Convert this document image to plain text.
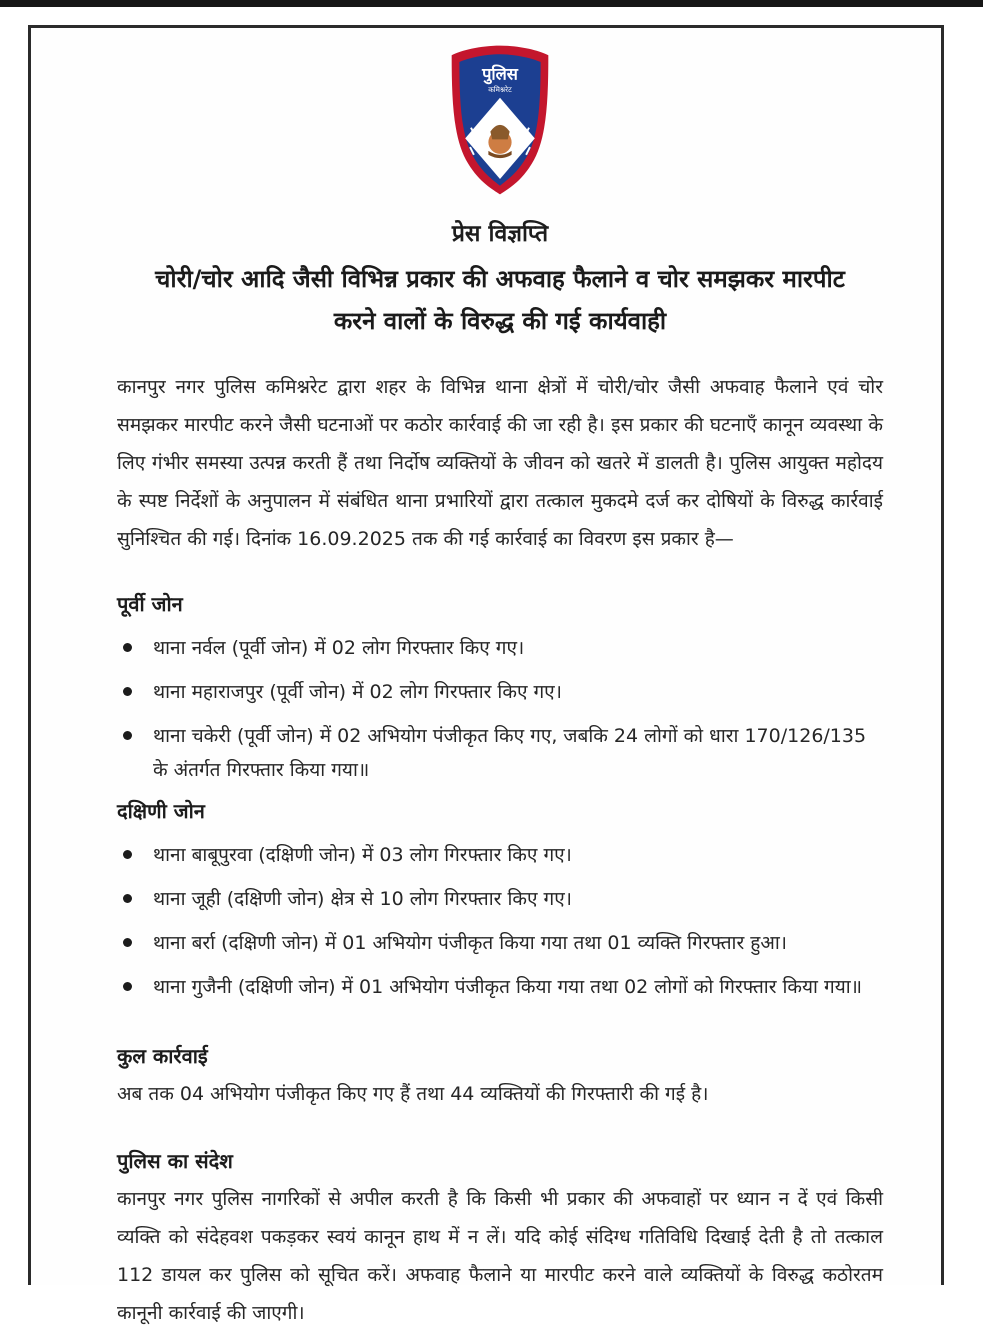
पुलिस
कमिश्नरेट
प्रेस विज्ञप्ति
चोरी/चोर आदि जैसी विभिन्न प्रकार की अफवाह फैलाने व चोर समझकर मारपीट
करने वालों के विरुद्ध की गई कार्यवाही

कानपुर नगर पुलिस कमिश्नरेट द्वारा शहर के विभिन्न थाना क्षेत्रों में चोरी/चोर जैसी अफवाह फैलाने एवं चोर समझकर मारपीट करने जैसी घटनाओं पर कठोर कार्रवाई की जा रही है। इस प्रकार की घटनाएँ कानून व्यवस्था के लिए गंभीर समस्या उत्पन्न करती हैं तथा निर्दोष व्यक्तियों के जीवन को खतरे में डालती है। पुलिस आयुक्त महोदय के स्पष्ट निर्देशों के अनुपालन में संबंधित थाना प्रभारियों द्वारा तत्काल मुकदमे दर्ज कर दोषियों के विरुद्ध कार्रवाई सुनिश्चित की गई। दिनांक 16.09.2025 तक की गई कार्रवाई का विवरण इस प्रकार है—

पूर्वी जोन
थाना नर्वल (पूर्वी जोन) में 02 लोग गिरफ्तार किए गए।
थाना महाराजपुर (पूर्वी जोन) में 02 लोग गिरफ्तार किए गए।
थाना चकेरी (पूर्वी जोन) में 02 अभियोग पंजीकृत किए गए, जबकि 24 लोगों को धारा 170/126/135 के अंतर्गत गिरफ्तार किया गया॥
दक्षिणी जोन
थाना बाबूपुरवा (दक्षिणी जोन) में 03 लोग गिरफ्तार किए गए।
थाना जूही (दक्षिणी जोन) क्षेत्र से 10 लोग गिरफ्तार किए गए।
थाना बर्रा (दक्षिणी जोन) में 01 अभियोग पंजीकृत किया गया तथा 01 व्यक्ति गिरफ्तार हुआ।
थाना गुजैनी (दक्षिणी जोन) में 01 अभियोग पंजीकृत किया गया तथा 02 लोगों को गिरफ्तार किया गया॥
कुल कार्रवाई

अब तक 04 अभियोग पंजीकृत किए गए हैं तथा 44 व्यक्तियों की गिरफ्तारी की गई है।

पुलिस का संदेश

कानपुर नगर पुलिस नागरिकों से अपील करती है कि किसी भी प्रकार की अफवाहों पर ध्यान न दें एवं किसी व्यक्ति को संदेहवश पकड़कर स्वयं कानून हाथ में न लें। यदि कोई संदिग्ध गतिविधि दिखाई देती है तो तत्काल 112 डायल कर पुलिस को सूचित करें। अफवाह फैलाने या मारपीट करने वाले व्यक्तियों के विरुद्ध कठोरतम कानूनी कार्रवाई की जाएगी।
